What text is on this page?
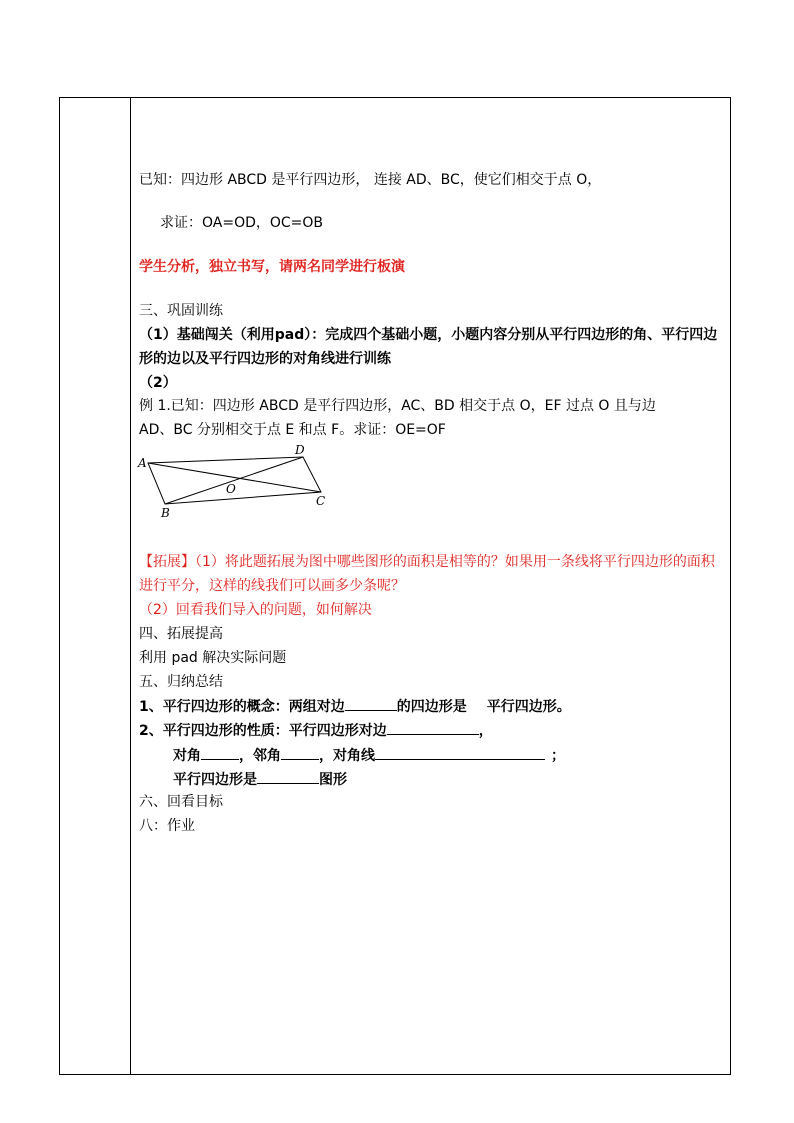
已知：四边形 ABCD 是平行四边形， 连接 AD、BC，使它们相交于点 O，
求证：OA=OD，OC=OB
学生分析，独立书写，请两名同学进行板演
三、巩固训练
（1）基础闯关（利用pad）：完成四个基础小题，小题内容分别从平行四边形的角、平行四边
形的边以及平行四边形的对角线进行训练
（2）
例 1.已知：四边形 ABCD 是平行四边形，AC、BD 相交于点 O，EF 过点 O 且与边
AD、BC 分别相交于点 E 和点 F。求证：OE=OF
A
D
C
B
O
【拓展】（1）将此题拓展为图中哪些图形的面积是相等的？如果用一条线将平行四边形的面积
进行平分，这样的线我们可以画多少条呢？
（2）回看我们导入的问题，如何解决
四、拓展提高
利用 pad 解决实际问题
五、归纳总结
1、平行四边形的概念：两组对边	的四边形是 平行四边形。
2、平行四边形的性质：平行四边形对边	，
对角	，邻角	，对角线	；
平行四边形是	图形
六、回看目标
八：作业
